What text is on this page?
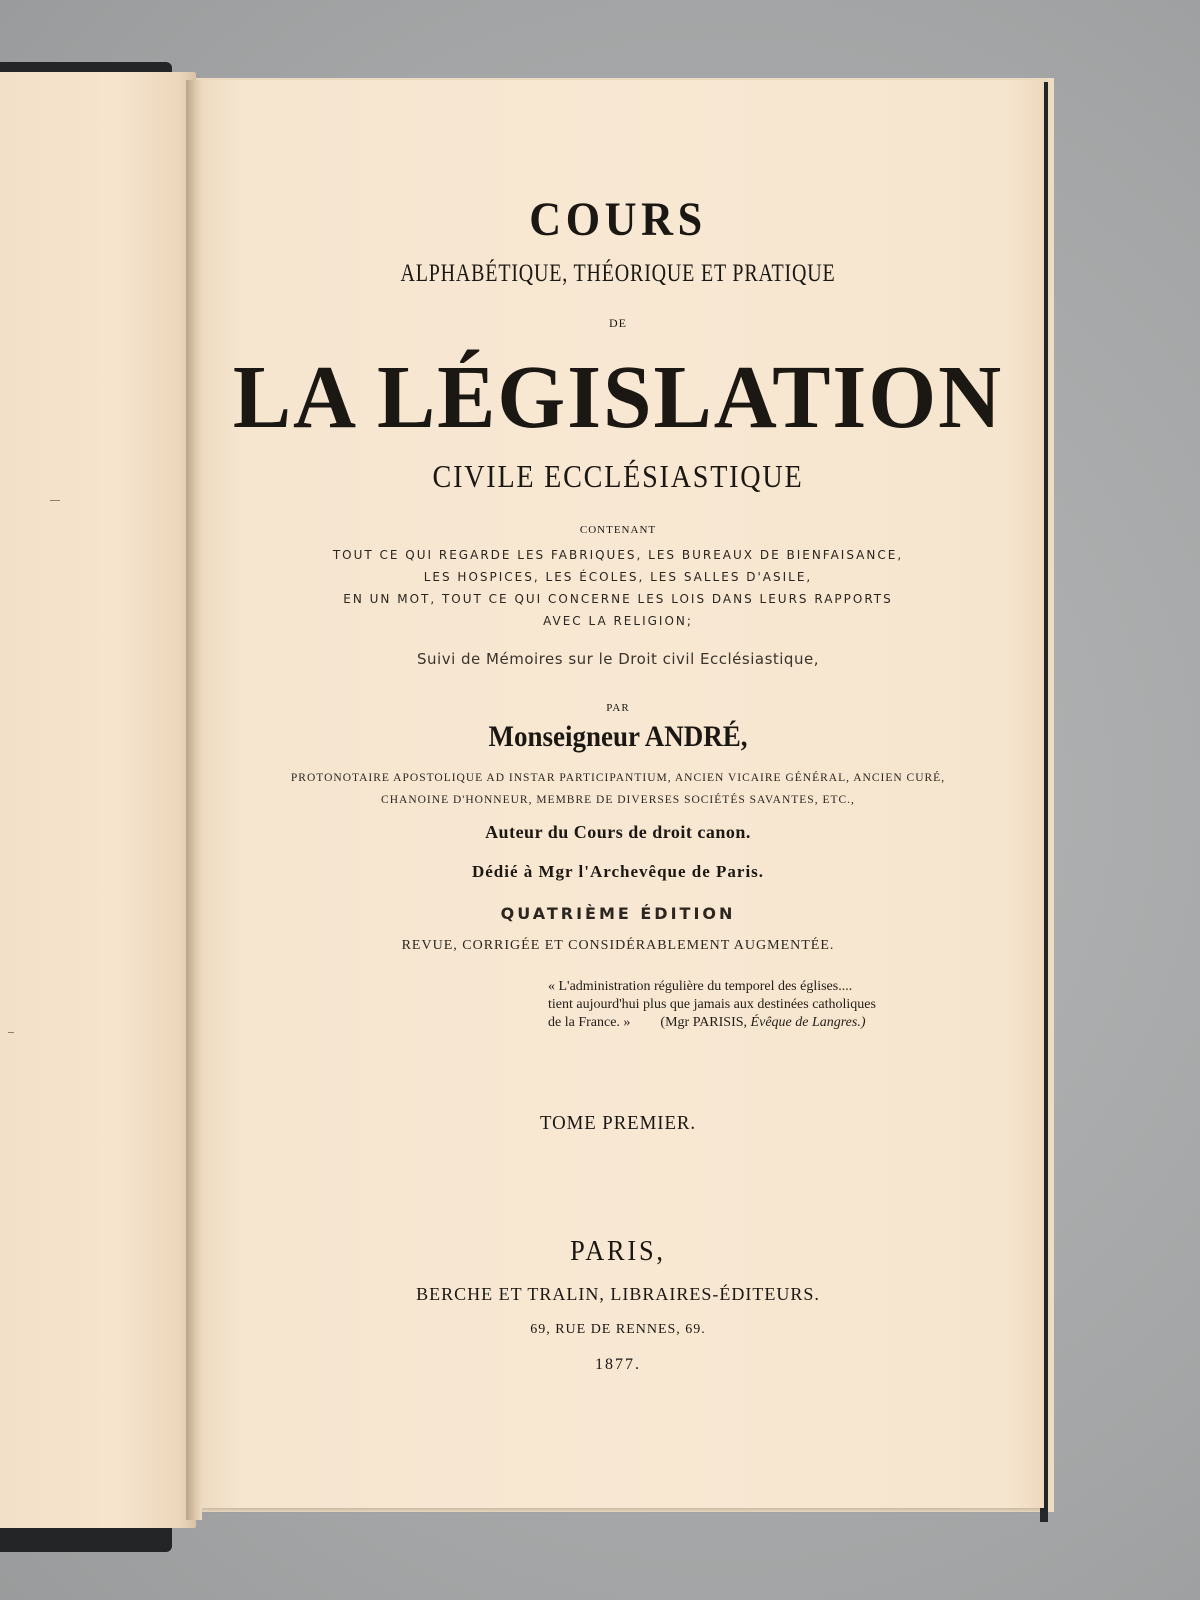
COURS
ALPHABÉTIQUE, THÉORIQUE ET PRATIQUE
DE
LA LÉGISLATION
CIVILE ECCLÉSIASTIQUE
CONTENANT
TOUT CE QUI REGARDE LES FABRIQUES, LES BUREAUX DE BIENFAISANCE,
LES HOSPICES, LES ÉCOLES, LES SALLES D'ASILE,
EN UN MOT, TOUT CE QUI CONCERNE LES LOIS DANS LEURS RAPPORTS
AVEC LA RELIGION;
Suivi de Mémoires sur le Droit civil Ecclésiastique,
PAR
Monseigneur ANDRÉ,
PROTONOTAIRE APOSTOLIQUE AD INSTAR PARTICIPANTIUM, ANCIEN VICAIRE GÉNÉRAL, ANCIEN CURÉ,
CHANOINE D'HONNEUR, MEMBRE DE DIVERSES SOCIÉTÉS SAVANTES, ETC.,
Auteur du Cours de droit canon.
Dédié à Mgr l'Archevêque de Paris.
QUATRIÈME ÉDITION
REVUE, CORRIGÉE ET CONSIDÉRABLEMENT AUGMENTÉE.
« L'administration régulière du temporel des églises....
tient aujourd'hui plus que jamais aux destinées catholiques
de la France. » (Mgr PARISIS, Évêque de Langres.)
TOME PREMIER.
PARIS,
BERCHE ET TRALIN, LIBRAIRES-ÉDITEURS.
69, RUE DE RENNES, 69.
1877.
